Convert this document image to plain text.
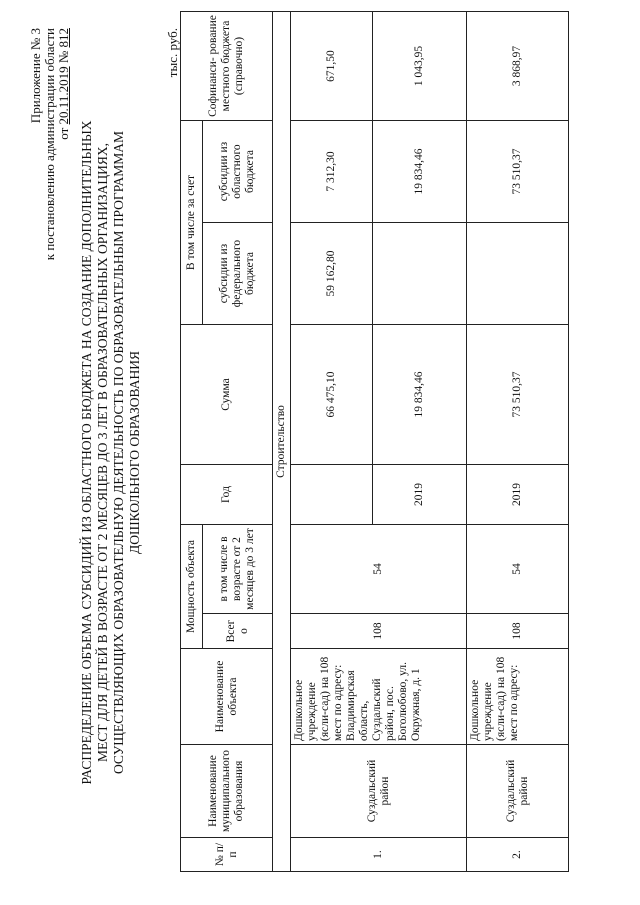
Приложение № 3 к постановлению администрации области от 20.11.2019 № 812
РАСПРЕДЕЛЕНИЕ ОБЪЕМА СУБСИДИЙ ИЗ ОБЛАСТНОГО БЮДЖЕТА НА СОЗДАНИЕ ДОПОЛНИТЕЛЬНЫХ МЕСТ ДЛЯ ДЕТЕЙ В ВОЗРАСТЕ ОТ 2 МЕСЯЦЕВ ДО 3 ЛЕТ В ОБРАЗОВАТЕЛЬНЫХ ОРГАНИЗАЦИЯХ, ОСУЩЕСТВЛЯЮЩИХ ОБРАЗОВАТЕЛЬНУЮ ДЕЯТЕЛЬНОСТЬ ПО ОБРАЗОВАТЕЛЬНЫМ ПРОГРАММАМ ДОШКОЛЬНОГО ОБРАЗОВАНИЯ
тыс. руб.
№ п/п	Наименование муниципального образования	Наименование объекта	Мощность объекта		Год	Сумма	В том числе за счет		Софинанси- рование местного бюджета (справочно)
			Всег о	в том числе в возрасте от 2 месяцев до 3 лет			субсидии из федерального бюджета	субсидии из областного бюджета	
Строительство									
1.	Суздальский район	Дошкольное учреждение (ясли-сад) на 108 мест по адресу: Владимирская область, Суздальский район, пос. Боголюбово, ул. Окружная, д. 1	108	54		66 475,10	59 162,80	7 312,30	671,50
					2019	19 834,46		19 834,46	1 043,95
2.	Суздальский район	Дошкольное учреждение (ясли-сад) на 108 мест по адресу:	108	54	2019	73 510,37		73 510,37	3 868,97
